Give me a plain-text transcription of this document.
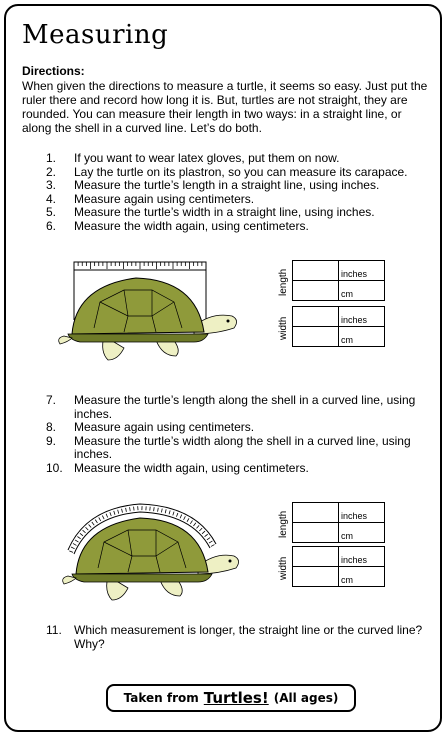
Measuring
Directions:
When given the directions to measure a turtle, it seems so easy. Just put the ruler there and record how long it is. But, turtles are not straight, they are rounded. You can measure their length in two ways: in a straight line, or along the shell in a curved line. Let’s do both.
1.	If you want to wear latex gloves, put them on now.
2.	Lay the turtle on its plastron, so you can measure its carapace.
3.	Measure the turtle’s length in a straight line, using inches.
4.	Measure again using centimeters.
5.	Measure the turtle’s width in a straight line, using inches.
6.	Measure the width again, using centimeters.
length
		inches
	cm
width
		inches
	cm
7.	Measure the turtle’s length along the shell in a curved line, using inches.
8.	Measure again using centimeters.
9.	Measure the turtle’s width along the shell in a curved line, using inches.
10. Measure the width again, using centimeters.
length
		inches
	cm
width
		inches
	cm
11.	Which measurement is longer, the straight line or the curved line? Why?
Taken from Turtles! (All ages)
